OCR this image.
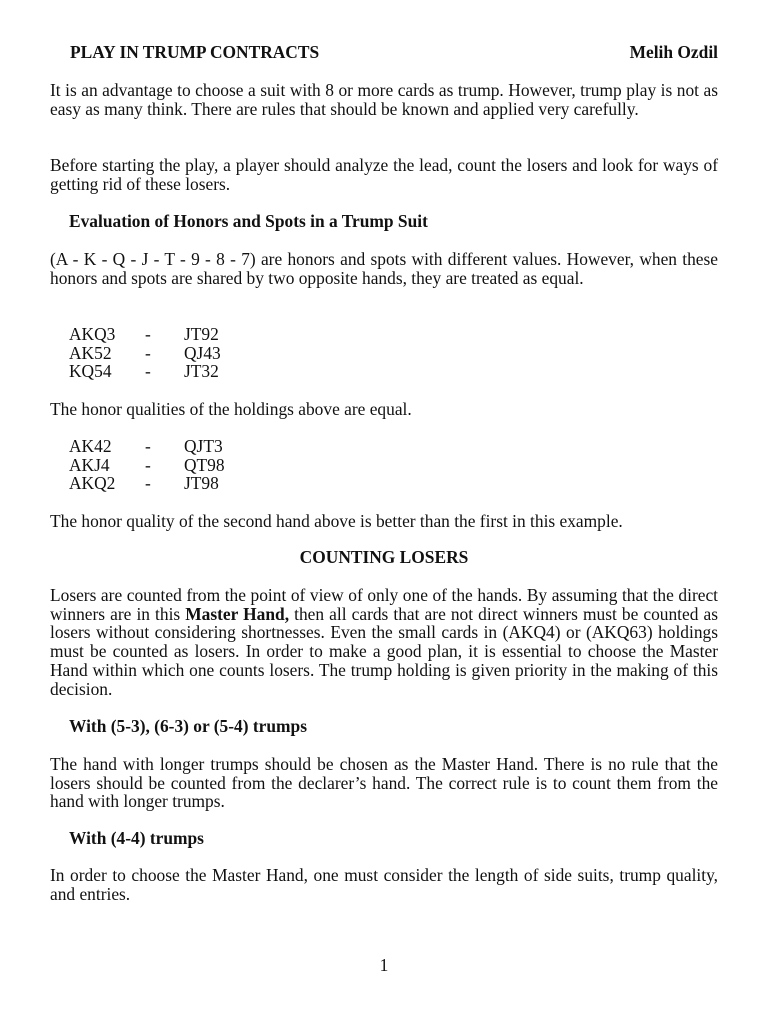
PLAY IN TRUMP CONTRACTS	Melih Ozdil

It is an advantage to choose a suit with 8 or more cards as trump. However, trump play is not as easy as many think. There are rules that should be known and applied very carefully.

Before starting the play, a player should analyze the lead, count the losers and look for ways of getting rid of these losers.

Evaluation of Honors and Spots in a Trump Suit

(A - K - Q - J - T - 9 - 8 - 7) are honors and spots with different values. However, when these honors and spots are shared by two opposite hands, they are treated as equal.

AKQ3	-	JT92
AK52	-	QJ43
KQ54	-	JT32

The honor qualities of the holdings above are equal.

AK42	-	QJT3
AKJ4	-	QT98
AKQ2	-	JT98

The honor quality of the second hand above is better than the first in this example.

COUNTING LOSERS

Losers are counted from the point of view of only one of the hands. By assuming that the direct winners are in this Master Hand, then all cards that are not direct winners must be counted as losers without considering shortnesses. Even the small cards in (AKQ4) or (AKQ63) holdings must be counted as losers. In order to make a good plan, it is essential to choose the Master Hand within which one counts losers. The trump holding is given priority in the making of this decision.

With (5-3), (6-3) or (5-4) trumps

The hand with longer trumps should be chosen as the Master Hand. There is no rule that the losers should be counted from the declarer’s hand. The correct rule is to count them from the hand with longer trumps.

With (4-4) trumps

In order to choose the Master Hand, one must consider the length of side suits, trump quality, and entries.

1
